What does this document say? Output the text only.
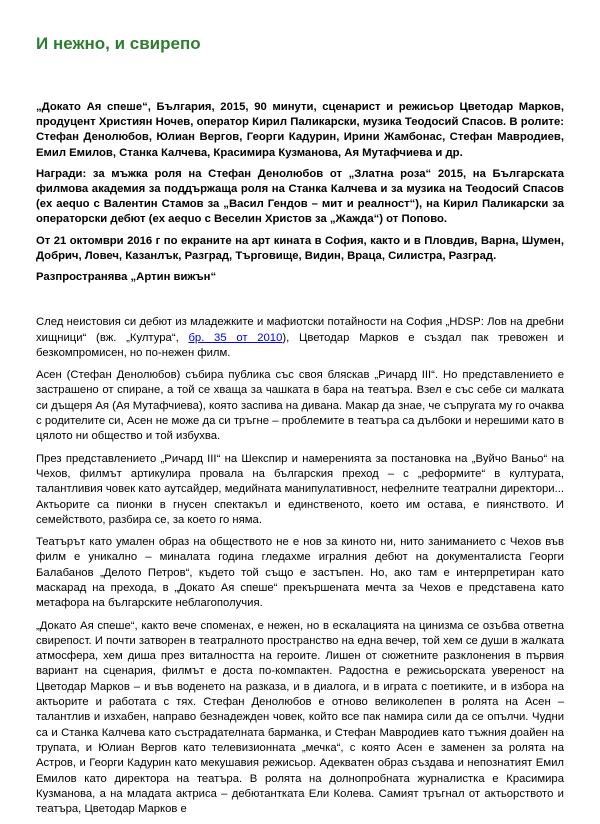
И нежно, и свирепо

„Докато Ая спеше“, България, 2015, 90 минути, сценарист и режисьор Цветодар Марков, продуцент Християн Ночев, оператор Кирил Паликарски, музика Теодосий Спасов. В ролите: Стефан Денолюбов, Юлиан Вергов, Георги Кадурин, Ирини Жамбонас, Стефан Мавродиев, Емил Емилов, Станка Калчева, Красимира Кузманова, Ая Мутафчиева и др.

Награди: за мъжка роля на Стефан Денолюбов от „Златна роза“ 2015, на Българската филмова академия за поддържаща роля на Станка Калчева и за музика на Теодосий Спасов (ex aequo с Валентин Стамов за „Васил Гендов – мит и реалност“), на Кирил Паликарски за операторски дебют (ex aequo с Веселин Христов за „Жажда“) от Попово.

От 21 октомври 2016 г по екраните на арт кината в София, както и в Пловдив, Варна, Шумен, Добрич, Ловеч, Казанлък, Разград, Търговище, Видин, Враца, Силистра, Разград.

Разпространява „Артин вижън“

След неистовия си дебют из младежките и мафиотски потайности на София „HDSP: Лов на дребни хищници“ (вж. „Култура“, бр. 35 от 2010), Цветодар Марков е създал пак тревожен и безкомпромисен, но по-нежен филм.

Асен (Стефан Денолюбов) събира публика със своя бляскав „Ричард III“. Но представлението е застрашено от спиране, а той се хваща за чашката в бара на театъра. Взел е със себе си малката си дъщеря Ая (Ая Мутафчиева), която заспива на дивана. Макар да знае, че съпругата му го очаква с родителите си, Асен не може да си тръгне – проблемите в театъра са дълбоки и нерешими като в цялото ни общество и той избухва.

През представлението „Ричард III“ на Шекспир и намеренията за постановка на „Вуйчо Ваньо“ на Чехов, филмът артикулира провала на българския преход – с „реформите“ в културата, талантливия човек като аутсайдер, медийната манипулативност, нефелните театрални директори... Актьорите са пионки в гнусен спектакъл и единственото, което им остава, е пиянството. И семейството, разбира се, за което го няма.

Театърът като умален образ на обществото не е нов за киното ни, нито заниманието с Чехов във филм е уникално – миналата година гледахме игралния дебют на документалиста Георги Балабанов „Делото Петров“, където той също е застъпен. Но, ако там е интерпретиран като маскарад на прехода, в „Докато Ая спеше“ прекършената мечта за Чехов е представена като метафора на българските неблагополучия.

„Докато Ая спеше“, както вече споменах, е нежен, но в ескалацията на цинизма се озъбва ответна свирепост. И почти затворен в театралното пространство на една вечер, той хем се души в жалката атмосфера, хем диша през виталността на героите. Лишен от сюжетните разклонения в първия вариант на сценария, филмът е доста по-компактен. Радостна е режисьорската увереност на Цветодар Марков – и във воденето на разказа, и в диалога, и в играта с поетиките, и в избора на актьорите и работата с тях. Стефан Денолюбов е отново великолепен в ролята на Асен – талантлив и изхабен, направо безнадежден човек, който все пак намира сили да се опълчи. Чудни са и Станка Калчева като състрадателната барманка, и Стефан Мавродиев като тъжния доайен на трупата, и Юлиан Вергов като телевизионната „мечка“, с която Асен е заменен за ролята на Астров, и Георги Кадурин като мекушавия режисьор. Адекватен образ създава и непознатият Емил Емилов като директора на театъра. В ролята на долнопробната журналистка е Красимира Кузманова, а на младата актриса – дебютантката Ели Колева. Самият тръгнал от актьорството и театъра, Цветодар Марков е
